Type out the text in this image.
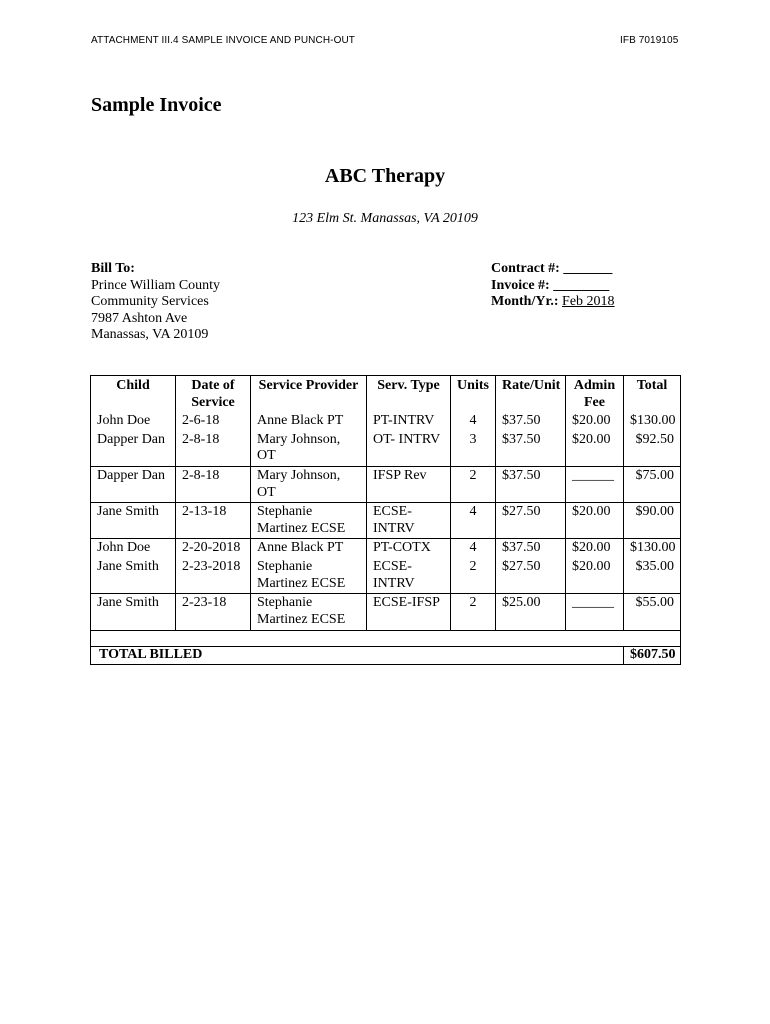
ATTACHMENT III.4 SAMPLE INVOICE AND PUNCH-OUT	IFB 7019105
Sample Invoice
ABC Therapy
123 Elm St. Manassas, VA 20109
Bill To:
Prince William County
Community Services
7987 Ashton Ave
Manassas, VA 20109
Contract #: _______
Invoice #: ________
Month/Yr.: Feb 2018
Child	Date of Service	Service Provider	Serv. Type	Units	Rate/Unit	Admin Fee	Total
John Doe	2-6-18	Anne Black PT	PT-INTRV	4	$37.50	$20.00	$130.00
Dapper Dan	2-8-18	Mary Johnson, OT	OT- INTRV	3	$37.50	$20.00	$92.50
Dapper Dan	2-8-18	Mary Johnson, OT	IFSP Rev	2	$37.50	______	$75.00
Jane Smith	2-13-18	Stephanie Martinez ECSE	ECSE-INTRV	4	$27.50	$20.00	$90.00
John Doe	2-20-2018	Anne Black PT	PT-COTX	4	$37.50	$20.00	$130.00
Jane Smith	2-23-2018	Stephanie Martinez ECSE	ECSE-INTRV	2	$27.50	$20.00	$35.00
Jane Smith	2-23-18	Stephanie Martinez ECSE	ECSE-IFSP	2	$25.00	______	$55.00

TOTAL BILLED							$607.50
